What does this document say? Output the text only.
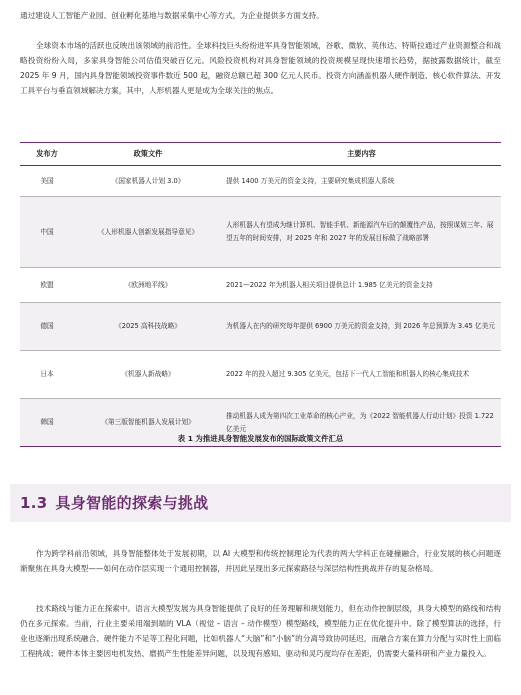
通过建设人工智能产业园、创业孵化基地与数据采集中心等方式，为企业提供多方面支持。

全球资本市场的活跃也反映出该领域的前沿性。全球科技巨头纷纷进军具身智能领域，谷歌、微软、英伟达、特斯拉通过产业资源整合和战略投资纷纷入局，多家具身智能公司估值突破百亿元。风险投资机构对具身智能领域的投资规模呈现快速增长趋势，据披露数据统计，截至 2025 年 9 月，国内具身智能领域投资事件数近 500 起，融资总额已超 300 亿元人民币。投资方向涵盖机器人硬件制造、核心软件算法、开发工具平台与垂直领域解决方案，其中，人形机器人更是成为全球关注的焦点。

发布方	政策文件	主要内容
美国	《国家机器人计划 3.0》	提供 1400 万美元的资金支持，主要研究集成机器人系统
中国	《人形机器人创新发展指导意见》	人形机器人有望成为继计算机、智能手机、新能源汽车后的颠覆性产品，按照谋划三年、展望五年的时间安排，对 2025 年和 2027 年的发展目标做了战略部署
欧盟	《欧洲地平线》	2021—2022 年为机器人相关项目提供总计 1.985 亿美元的资金支持
德国	《2025 高科技战略》	为机器人在内的研究每年提供 6900 万美元的资金支持，到 2026 年总预算为 3.45 亿美元
日本	《机器人新战略》	2022 年的投入超过 9.305 亿美元，包括下一代人工智能和机器人的核心集成技术
韩国	《第三版智能机器人发展计划》	推动机器人成为第四次工业革命的核心产业，为《2022 智能机器人行动计划》投资 1.722 亿美元
表 1 为推进具身智能发展发布的国际政策文件汇总
1.3 具身智能的探索与挑战

作为跨学科前沿领域，具身智能整体处于发展初期，以 AI 大模型和传统控制理论为代表的两大学科正在碰撞融合，行业发展的核心问题逐渐聚焦在具身大模型——如何在动作层实现一个通用控制器，并因此呈现出多元探索路径与深层结构性挑战并存的复杂格局。

技术路线与能力正在探索中。语言大模型发展为具身智能提供了良好的任务理解和规划能力，但在动作控制层级，具身大模型的路线和结构仍在多元探索。当前，行业主要采用端到端的 VLA（视觉 – 语言 – 动作模型）模型路线，模型能力正在优化提升中。除了模型算法的选择，行业也逐渐出现系统融合、硬件能力不足等工程化问题，比如机器人“大脑”和“小脑”的分离导致协同延迟，而融合方案在算力分配与实时性上面临工程挑战；硬件本体主要因电机发热、磨损产生性能差异问题，以及现有感知、驱动和灵巧度均存在差距，仍需要大量科研和产业力量投入。
